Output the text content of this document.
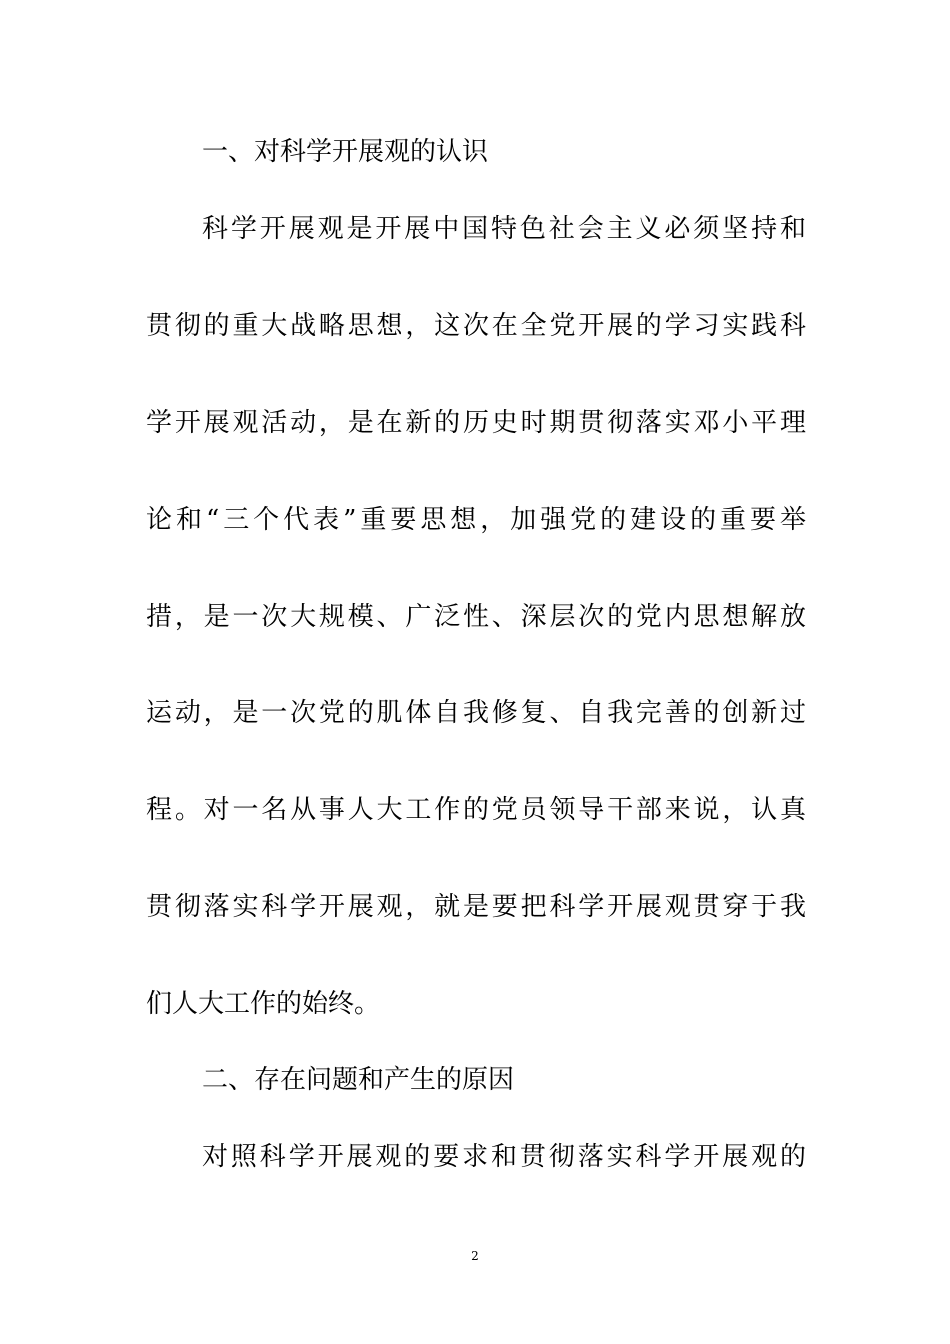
一、对科学开展观的认识

科学开展观是开展中国特色社会主义必须坚持和

贯彻的重大战略思想，这次在全党开展的学习实践科

学开展观活动，是在新的历史时期贯彻落实邓小平理

论和“三个代表”重要思想，加强党的建设的重要举

措，是一次大规模、广泛性、深层次的党内思想解放

运动，是一次党的肌体自我修复、自我完善的创新过

程。对一名从事人大工作的党员领导干部来说，认真

贯彻落实科学开展观，就是要把科学开展观贯穿于我

们人大工作的始终。

二、存在问题和产生的原因

对照科学开展观的要求和贯彻落实科学开展观的

2
